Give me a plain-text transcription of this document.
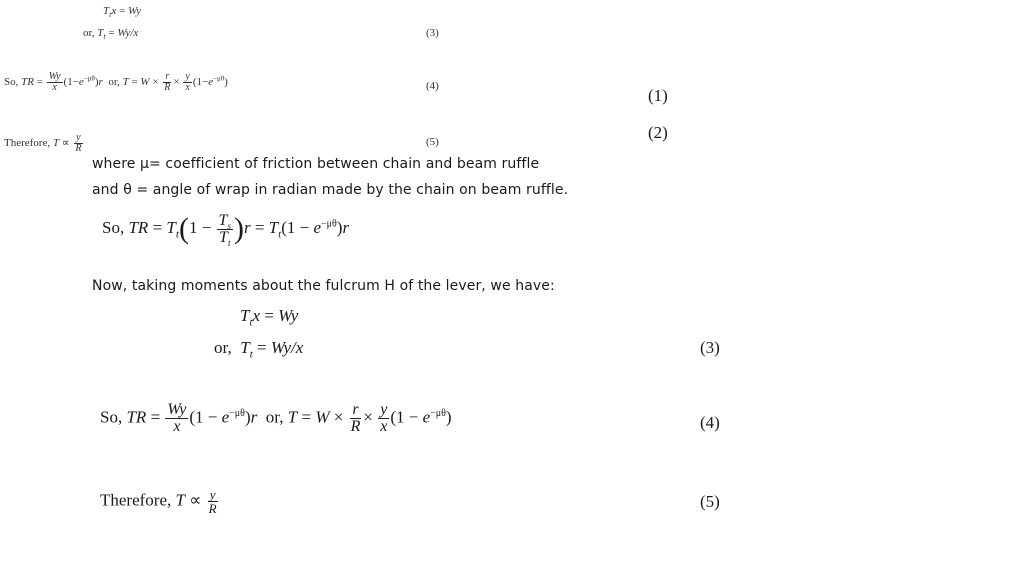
$T_tx = Wy$
or, $T_t = Wy/x$	(3)
So, TR = $\frac{Wy}{x} (1-e^{-\mu\theta})r$  or, $T = W \times \frac{r}{R} \times \frac{y}{x} (1-e^{-\mu\theta})$	(4)
Therefore, $T \propto \frac{y}{R}$	(5)
(1)
(2)
where μ= coefficient of friction between chain and beam ruffle
and θ = angle of wrap in radian made by the chain on beam ruffle.
So, TR = $T_t(1 - \frac{T_s}{T_t} )r = T_t(1 - e^{-\mu\theta})r$
Now, taking moments about the fulcrum H of the lever, we have:
$T_tx = Wy$
or, $T_t = Wy/x$	(3)
So, TR = $\frac{Wy}{x} (1 - e^{-\mu\theta})r$ or, $T = W \times \frac{r}{R} \times \frac{y}{x} (1 - e^{-\mu\theta})$	(4)
Therefore, $T \propto \frac{y}{R}$	(5)
